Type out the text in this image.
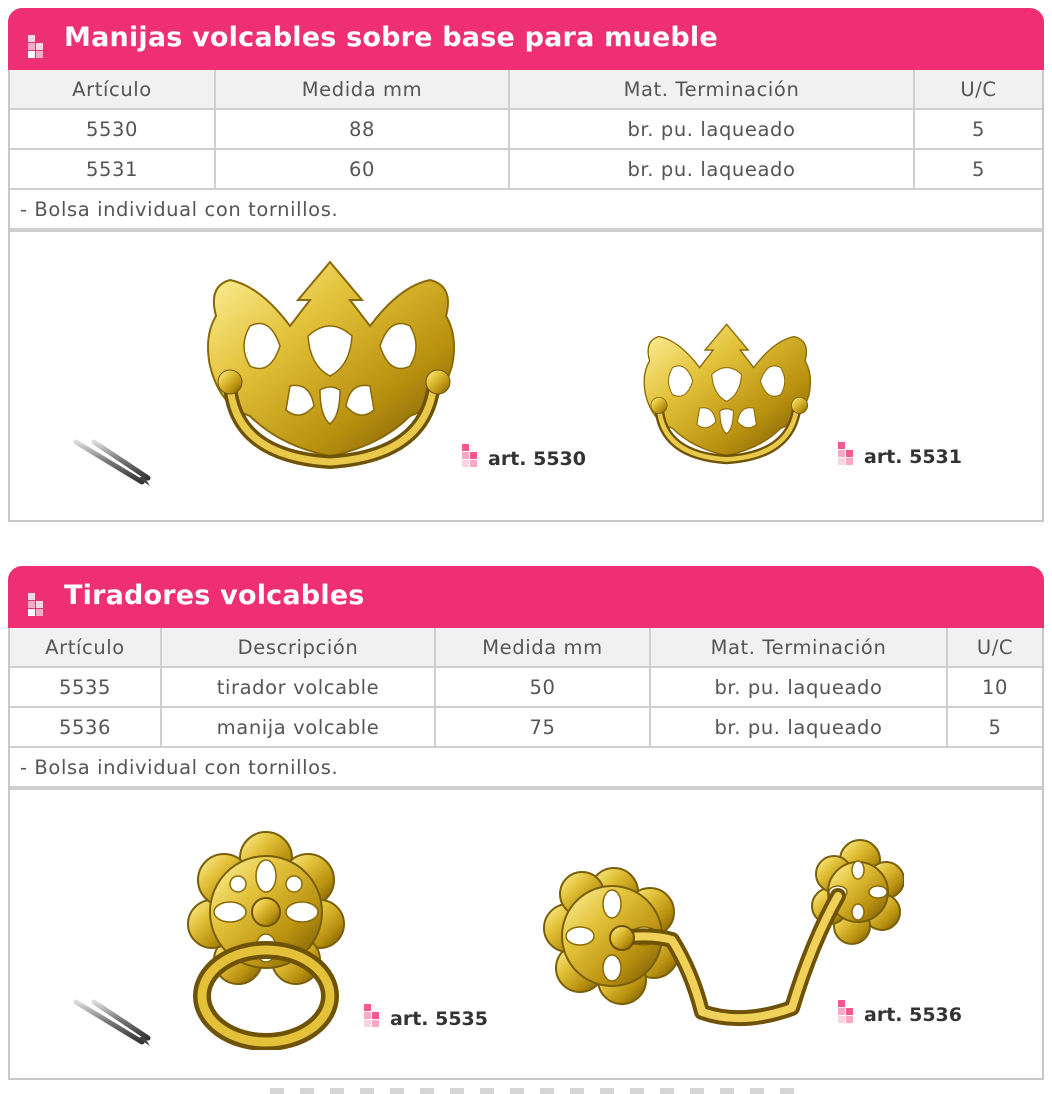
Manijas volcables sobre base para mueble
Artículo	Medida mm	Mat. Terminación	U/C
5530	88	br. pu. laqueado	5
5531	60	br. pu. laqueado	5
- Bolsa individual con tornillos.			
art. 5530	art. 5531
Tiradores volcables
Artículo	Descripción	Medida mm	Mat. Terminación	U/C
5535	tirador volcable	50	br. pu. laqueado	10
5536	manija volcable	75	br. pu. laqueado	5
- Bolsa individual con tornillos.				
art. 5535	art. 5536
